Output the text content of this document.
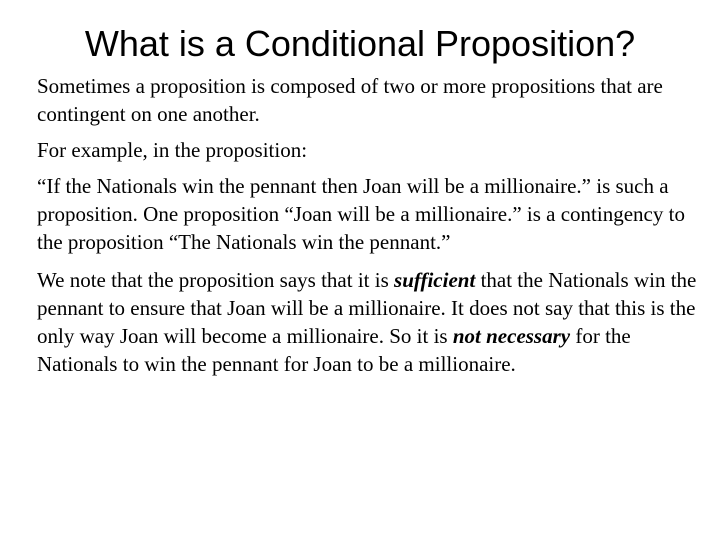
What is a Conditional Proposition?

Sometimes a proposition is composed of two or more propositions that are contingent on one another.

For example, in the proposition:

“If the Nationals win the pennant then Joan will be a millionaire.” is such a proposition. One proposition “Joan will be a millionaire.” is a contingency to the proposition “The Nationals win the pennant.”

We note that the proposition says that it is sufficient that the Nationals win the pennant to ensure that Joan will be a millionaire. It does not say that this is the only way Joan will become a millionaire. So it is not necessary for the Nationals to win the pennant for Joan to be a millionaire.
